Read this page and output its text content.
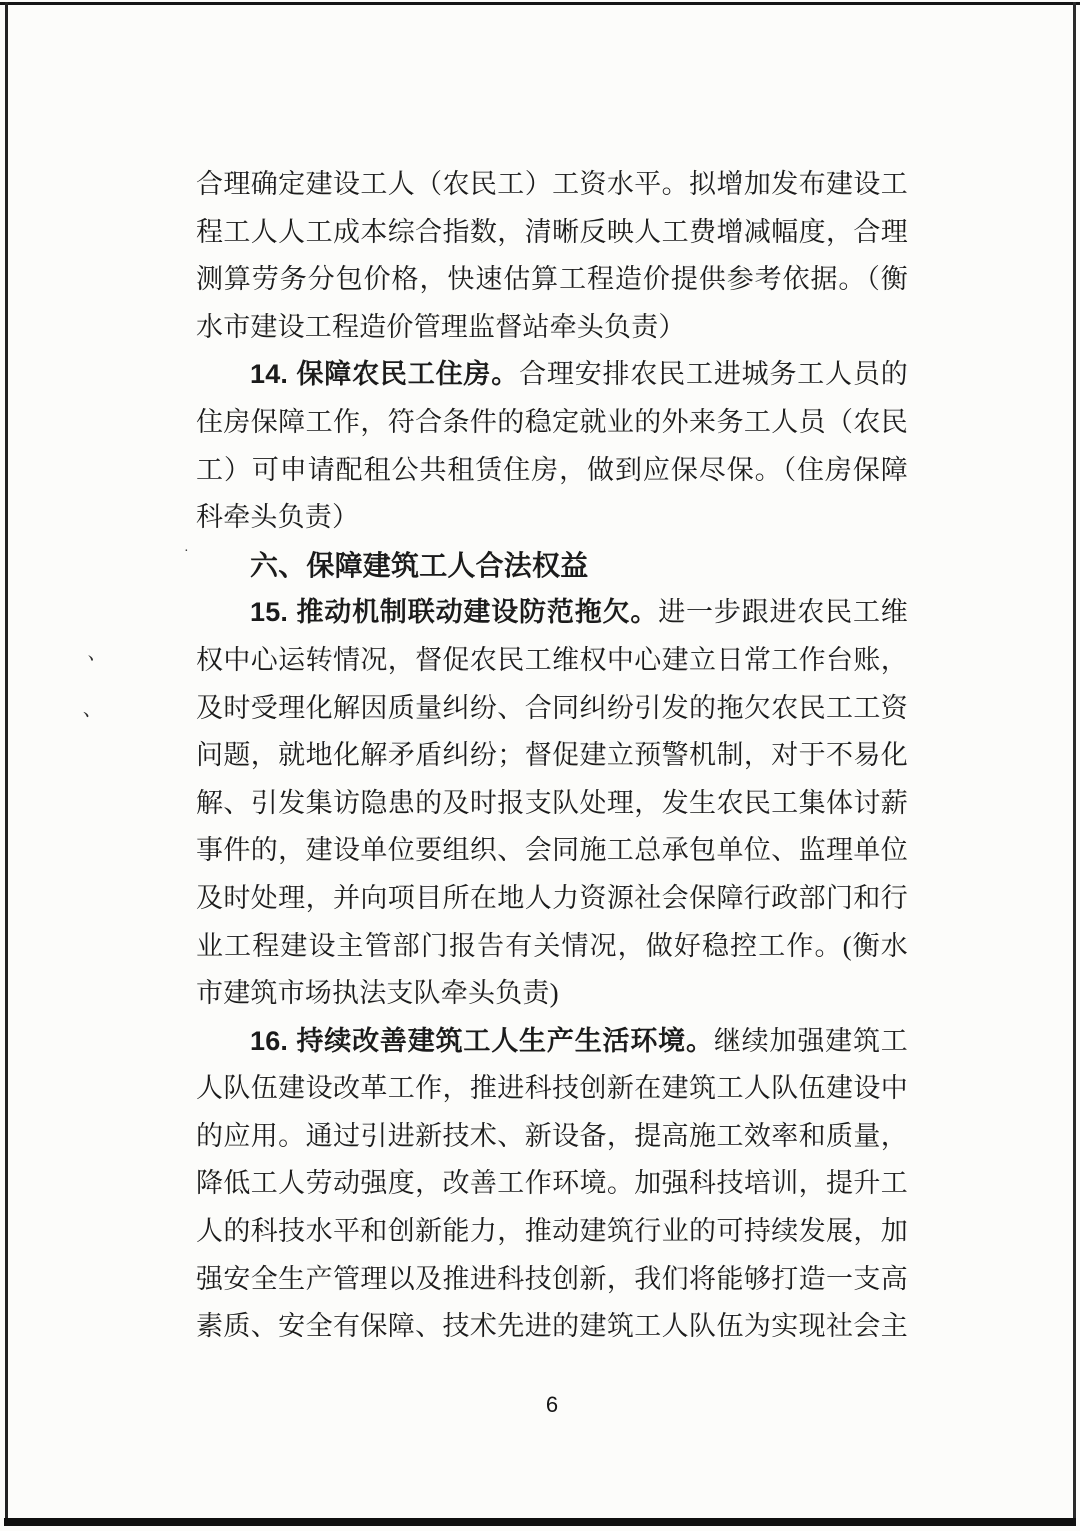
·
、
、
合理确定建设工人（农民工）工资水平。拟增加发布建设工
程工人人工成本综合指数，清晰反映人工费增减幅度，合理
测算劳务分包价格，快速估算工程造价提供参考依据。（衡
水市建设工程造价管理监督站牵头负责）
14. 保障农民工住房。合理安排农民工进城务工人员的
住房保障工作，符合条件的稳定就业的外来务工人员（农民
工）可申请配租公共租赁住房，做到应保尽保。（住房保障
科牵头负责）
六、保障建筑工人合法权益
15. 推动机制联动建设防范拖欠。进一步跟进农民工维
权中心运转情况，督促农民工维权中心建立日常工作台账，
及时受理化解因质量纠纷、合同纠纷引发的拖欠农民工工资
问题，就地化解矛盾纠纷；督促建立预警机制，对于不易化
解、引发集访隐患的及时报支队处理，发生农民工集体讨薪
事件的，建设单位要组织、会同施工总承包单位、监理单位
及时处理，并向项目所在地人力资源社会保障行政部门和行
业工程建设主管部门报告有关情况，做好稳控工作。(衡水
市建筑市场执法支队牵头负责)
16. 持续改善建筑工人生产生活环境。继续加强建筑工
人队伍建设改革工作，推进科技创新在建筑工人队伍建设中
的应用。通过引进新技术、新设备，提高施工效率和质量，
降低工人劳动强度，改善工作环境。加强科技培训，提升工
人的科技水平和创新能力，推动建筑行业的可持续发展，加
强安全生产管理以及推进科技创新，我们将能够打造一支高
素质、安全有保障、技术先进的建筑工人队伍为实现社会主
6
